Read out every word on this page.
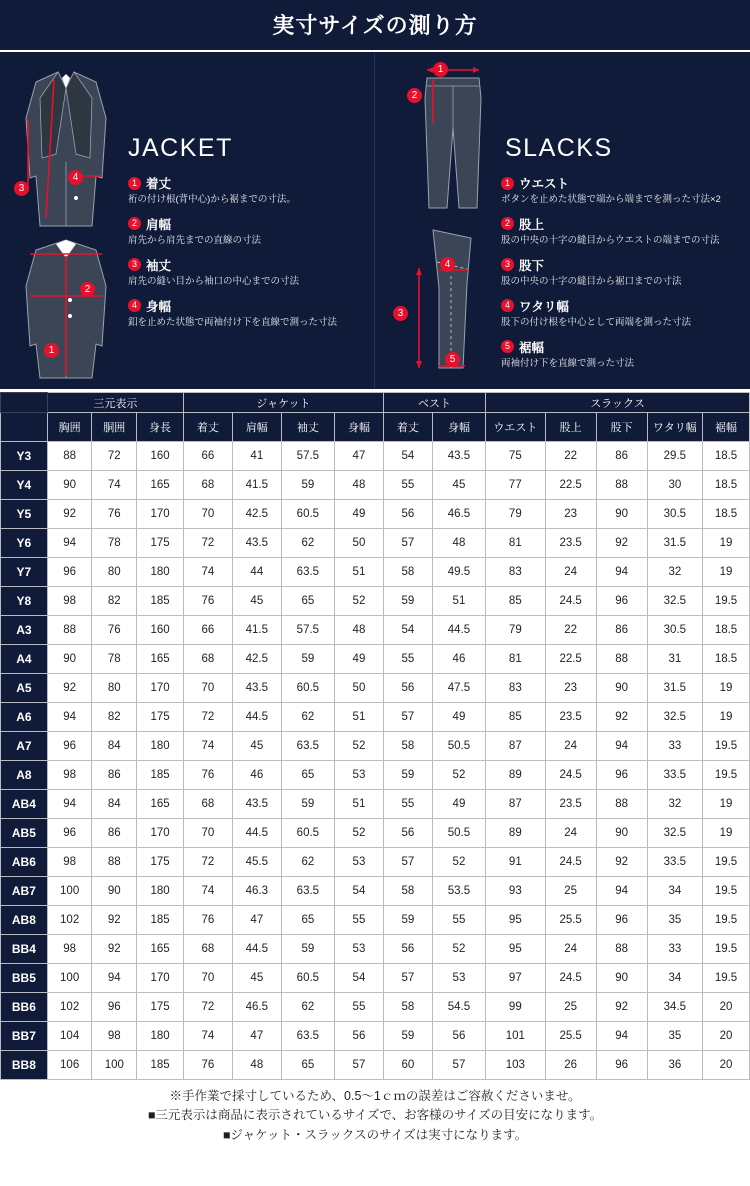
実寸サイズの測り方
4
3
2
1
JACKET
1 着丈
裄の付け根(背中心)から裾までの寸法。
2 肩幅
肩先から肩先までの直線の寸法
3 袖丈
肩先の縫い目から袖口の中心までの寸法
4 身幅
釦を止めた状態で両袖付け下を直線で測った寸法
1
2
3
4
5
SLACKS
1 ウエスト
ボタンを止めた状態で端から端までを測った寸法×2
2 股上
股の中央の十字の縫目からウエストの端までの寸法
3 股下
股の中央の十字の縫目から裾口までの寸法
4 ワタリ幅
股下の付け根を中心として両端を測った寸法
5 裾幅
両袖付け下を直線で測った寸法
	三元表示			ジャケット				ベスト		スラックス				
	胸囲	胴囲	身長	着丈	肩幅	袖丈	身幅	着丈	身幅	ウエスト	股上	股下	ワタリ幅	裾幅
Y3	88	72	160	66	41	57.5	47	54	43.5	75	22	86	29.5	18.5
Y4	90	74	165	68	41.5	59	48	55	45	77	22.5	88	30	18.5
Y5	92	76	170	70	42.5	60.5	49	56	46.5	79	23	90	30.5	18.5
Y6	94	78	175	72	43.5	62	50	57	48	81	23.5	92	31.5	19
Y7	96	80	180	74	44	63.5	51	58	49.5	83	24	94	32	19
Y8	98	82	185	76	45	65	52	59	51	85	24.5	96	32.5	19.5
A3	88	76	160	66	41.5	57.5	48	54	44.5	79	22	86	30.5	18.5
A4	90	78	165	68	42.5	59	49	55	46	81	22.5	88	31	18.5
A5	92	80	170	70	43.5	60.5	50	56	47.5	83	23	90	31.5	19
A6	94	82	175	72	44.5	62	51	57	49	85	23.5	92	32.5	19
A7	96	84	180	74	45	63.5	52	58	50.5	87	24	94	33	19.5
A8	98	86	185	76	46	65	53	59	52	89	24.5	96	33.5	19.5
AB4	94	84	165	68	43.5	59	51	55	49	87	23.5	88	32	19
AB5	96	86	170	70	44.5	60.5	52	56	50.5	89	24	90	32.5	19
AB6	98	88	175	72	45.5	62	53	57	52	91	24.5	92	33.5	19.5
AB7	100	90	180	74	46.3	63.5	54	58	53.5	93	25	94	34	19.5
AB8	102	92	185	76	47	65	55	59	55	95	25.5	96	35	19.5
BB4	98	92	165	68	44.5	59	53	56	52	95	24	88	33	19.5
BB5	100	94	170	70	45	60.5	54	57	53	97	24.5	90	34	19.5
BB6	102	96	175	72	46.5	62	55	58	54.5	99	25	92	34.5	20
BB7	104	98	180	74	47	63.5	56	59	56	101	25.5	94	35	20
BB8	106	100	185	76	48	65	57	60	57	103	26	96	36	20
※手作業で採寸しているため、0.5～1ｃｍの誤差はご容赦くださいませ。
■三元表示は商品に表示されているサイズで、お客様のサイズの目安になります。
■ジャケット・スラックスのサイズは実寸になります。
